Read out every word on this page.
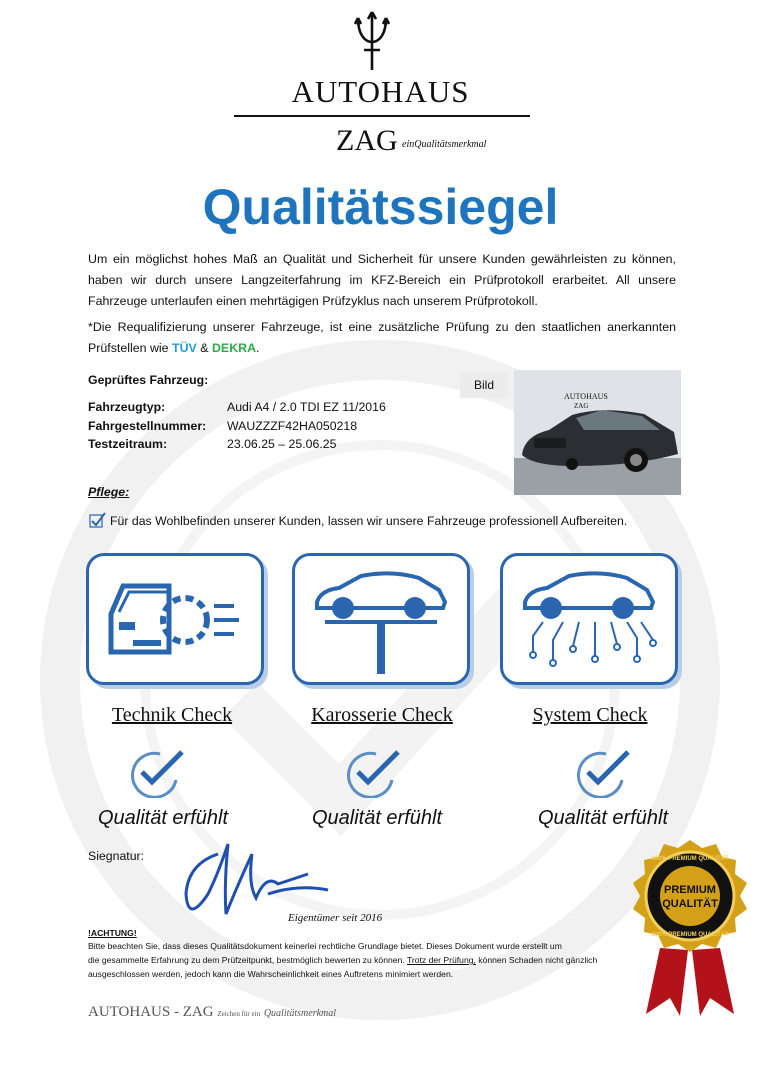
AUTOHAUS
ZAG einQualitätsmerkmal
Qualitätssiegel
Um ein möglichst hohes Maß an Qualität und Sicherheit für unsere Kunden gewährleisten zu können, haben wir durch unsere Langzeiterfahrung im KFZ-Bereich ein Prüfprotokoll erarbeitet. All unsere Fahrzeuge unterlaufen einen mehrtägigen Prüfzyklus nach unserem Prüfprotokoll.
*Die Requalifizierung unserer Fahrzeuge, ist eine zusätzliche Prüfung zu den staatlichen anerkannten Prüfstellen wie TÜV & DEKRA.
Geprüftes Fahrzeug:
Fahrzeugtyp:	Audi A4 / 2.0 TDI EZ 11/2016
Fahrgestellnummer: WAUZZZF42HA050218
Testzeitraum:	23.06.25 – 25.06.25
Bild
AUTOHAUS
ZAG
Pflege:
Für das Wohlbefinden unserer Kunden, lassen wir unsere Fahrzeuge professionell Aufbereiten.
Technik Check	Karosserie Check	System Check
Qualität erfühlt	Qualität erfühlt	Qualität erfühlt
Siegnatur:
Eigentümer seit 2016
!ACHTUNG!
Bitte beachten Sie, dass dieses Qualitätsdokument keinerlei rechtliche Grundlage bietet. Dieses Dokument wurde erstellt um
die gesammelte Erfahrung zu dem Prüfzeitpunkt, bestmöglich bewerten zu können. Trotz der Prüfung, können Schaden nicht gänzlich
ausgeschlossen werden, jedoch kann die Wahrscheinlichkeit eines Auftretens minimiert werden.
PREMIUM
QUALITÄT
100% PREMIUM QUALITÄT
100% PREMIUM QUALITÄT
AUTOHAUS - ZAG Zeichen für ein Qualitätsmerkmal
